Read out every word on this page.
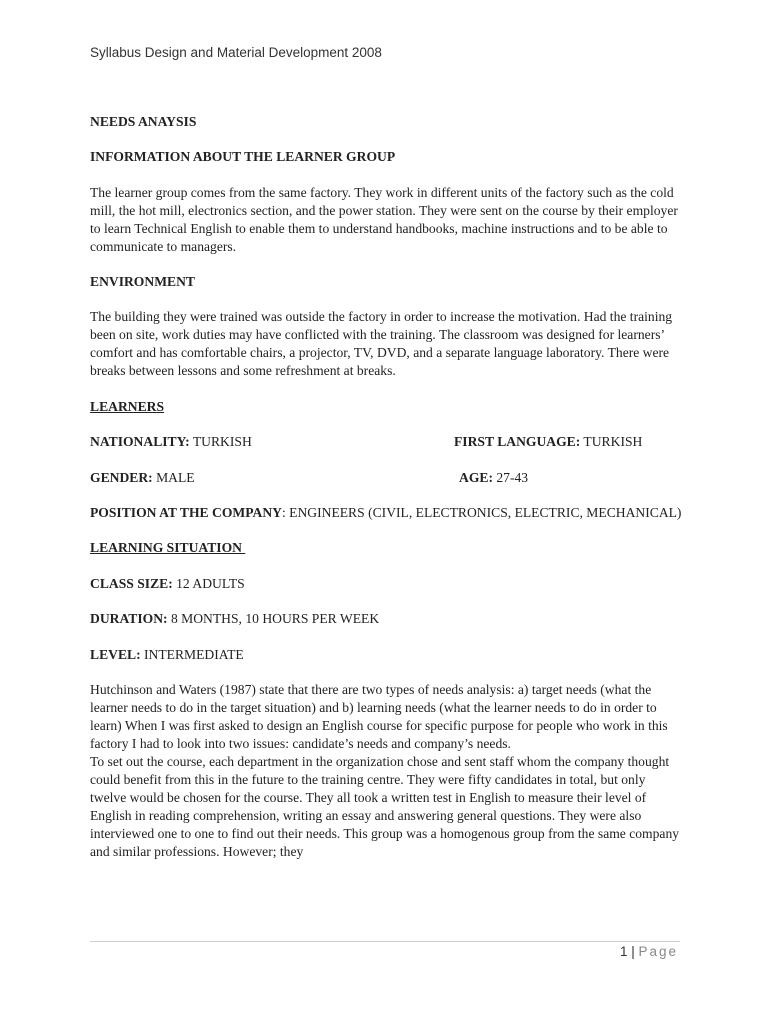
Syllabus Design and Material Development 2008

NEEDS ANAYSIS

INFORMATION ABOUT THE LEARNER GROUP

The learner group comes from the same factory. They work in different units of the factory such as the cold mill, the hot mill, electronics section, and the power station. They were sent on the course by their employer to learn Technical English to enable them to understand handbooks, machine instructions and to be able to communicate to managers.

ENVIRONMENT

The building they were trained was outside the factory in order to increase the motivation. Had the training been on site, work duties may have conflicted with the training. The classroom was designed for learners’ comfort and has comfortable chairs, a projector, TV, DVD, and a separate language laboratory. There were breaks between lessons and some refreshment at breaks.

LEARNERS

NATIONALITY: TURKISH	FIRST LANGUAGE: TURKISH
GENDER: MALE	AGE: 27-43

POSITION AT THE COMPANY: ENGINEERS (CIVIL, ELECTRONICS, ELECTRIC, MECHANICAL)

LEARNING SITUATION

CLASS SIZE: 12 ADULTS

DURATION: 8 MONTHS, 10 HOURS PER WEEK

LEVEL: INTERMEDIATE

Hutchinson and Waters (1987) state that there are two types of needs analysis: a) target needs (what the learner needs to do in the target situation) and b) learning needs (what the learner needs to do in order to learn) When I was first asked to design an English course for specific purpose for people who work in this factory I had to look into two issues: candidate’s needs and company’s needs.

To set out the course, each department in the organization chose and sent staff whom the company thought could benefit from this in the future to the training centre. They were fifty candidates in total, but only twelve would be chosen for the course. They all took a written test in English to measure their level of English in reading comprehension, writing an essay and answering general questions. They were also interviewed one to one to find out their needs. This group was a homogenous group from the same company and similar professions. However; they

1 | Page
